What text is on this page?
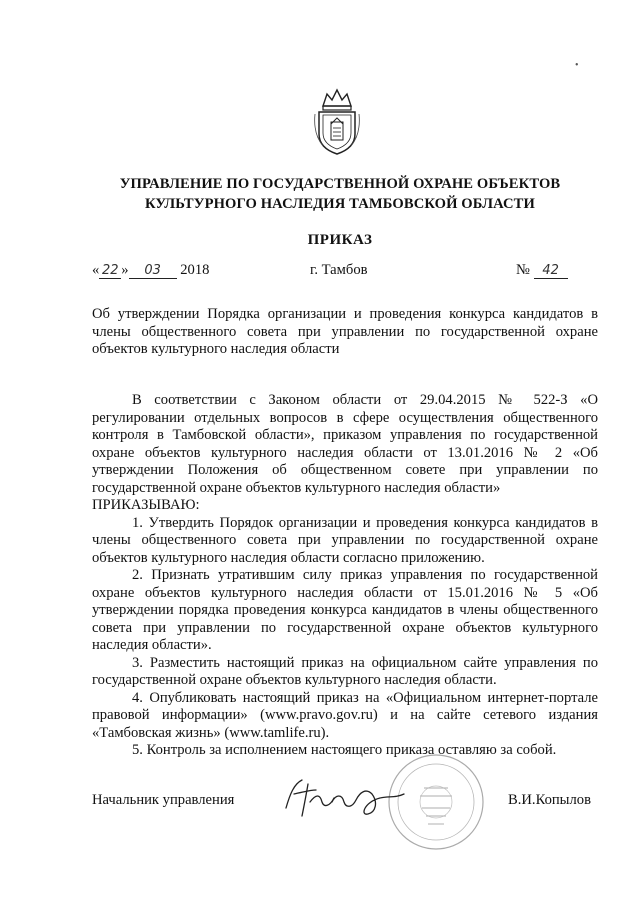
•
УПРАВЛЕНИЕ ПО ГОСУДАРСТВЕННОЙ ОХРАНЕ ОБЪЕКТОВ
КУЛЬТУРНОГО НАСЛЕДИЯ ТАМБОВСКОЙ ОБЛАСТИ
ПРИКАЗ
« 22 » 03 2018	г. Тамбов	№ 42
Об утверждении Порядка организации и проведения конкурса кандидатов в члены общественного совета при управлении по государственной охране объектов культурного наследия области

В соответствии с Законом области от 29.04.2015 № 522-З «О регулировании отдельных вопросов в сфере осуществления общественного контроля в Тамбовской области», приказом управления по государственной охране объектов культурного наследия области от 13.01.2016 № 2 «Об утверждении Положения об общественном совете при управлении по государственной охране объектов культурного наследия области»

ПРИКАЗЫВАЮ:

1. Утвердить Порядок организации и проведения конкурса кандидатов в члены общественного совета при управлении по государственной охране объектов культурного наследия области согласно приложению.

2. Признать утратившим силу приказ управления по государственной охране объектов культурного наследия области от 15.01.2016 № 5 «Об утверждении порядка проведения конкурса кандидатов в члены общественного совета при управлении по государственной охране объектов культурного наследия области».

3. Разместить настоящий приказ на официальном сайте управления по государственной охране объектов культурного наследия области.

4. Опубликовать настоящий приказ на «Официальном интернет-портале правовой информации» (www.pravo.gov.ru) и на сайте сетевого издания «Тамбовская жизнь» (www.tamlife.ru).

5. Контроль за исполнением настоящего приказа оставляю за собой.

Начальник управления	В.И.Копылов
